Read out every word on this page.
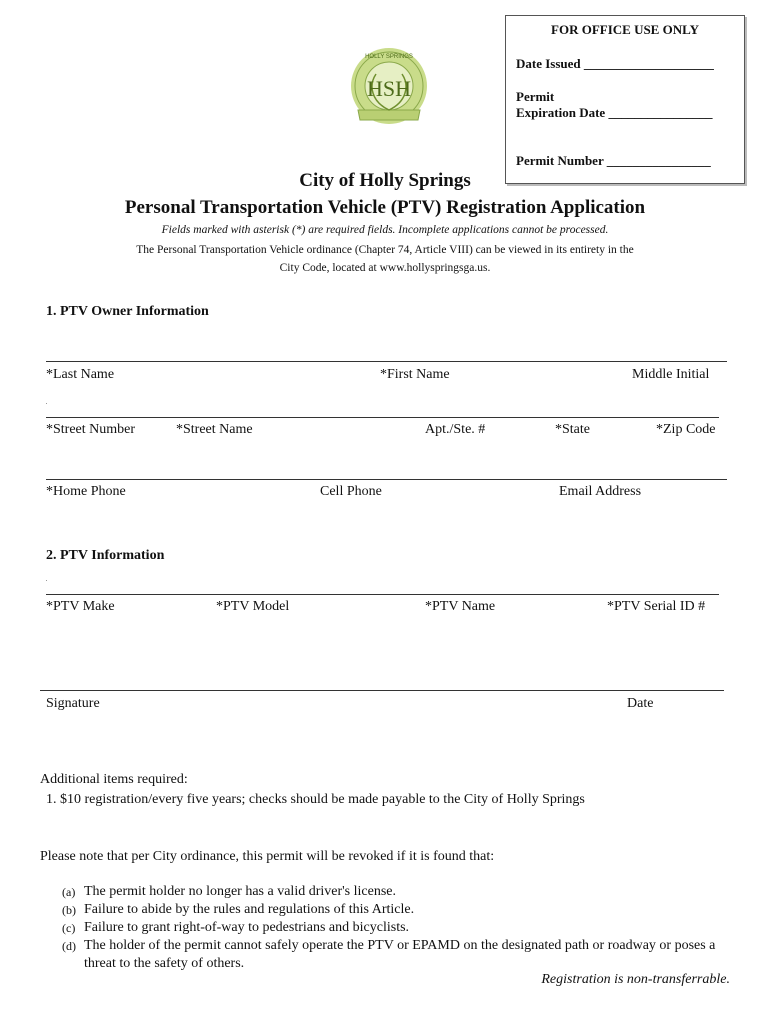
FOR OFFICE USE ONLY
Date Issued ____________________
Permit
Expiration Date ________________
Permit Number ________________
HSH
HOLLY SPRINGS
City of Holly Springs
Personal Transportation Vehicle (PTV) Registration Application
Fields marked with asterisk (*) are required fields. Incomplete applications cannot be processed.
The Personal Transportation Vehicle ordinance (Chapter 74, Article VIII) can be viewed in its entirety in the
City Code, located at www.hollyspringsga.us.
1. PTV Owner Information
*Last Name	*First Name	Middle Initial
*Street Number	*Street Name	Apt./Ste. #	*State	*Zip Code
*Home Phone	Cell Phone	Email Address
2. PTV Information
*PTV Make	*PTV Model	*PTV Name	*PTV Serial ID #
Signature	Date
Additional items required:
1. $10 registration/every five years; checks should be made payable to the City of Holly Springs
Please note that per City ordinance, this permit will be revoked if it is found that:
(a) The permit holder no longer has a valid driver's license.
(b) Failure to abide by the rules and regulations of this Article.
(c) Failure to grant right-of-way to pedestrians and bicyclists.
(d) The holder of the permit cannot safely operate the PTV or EPAMD on the designated path or roadway or poses a threat to the safety of others.
Registration is non-transferrable.
